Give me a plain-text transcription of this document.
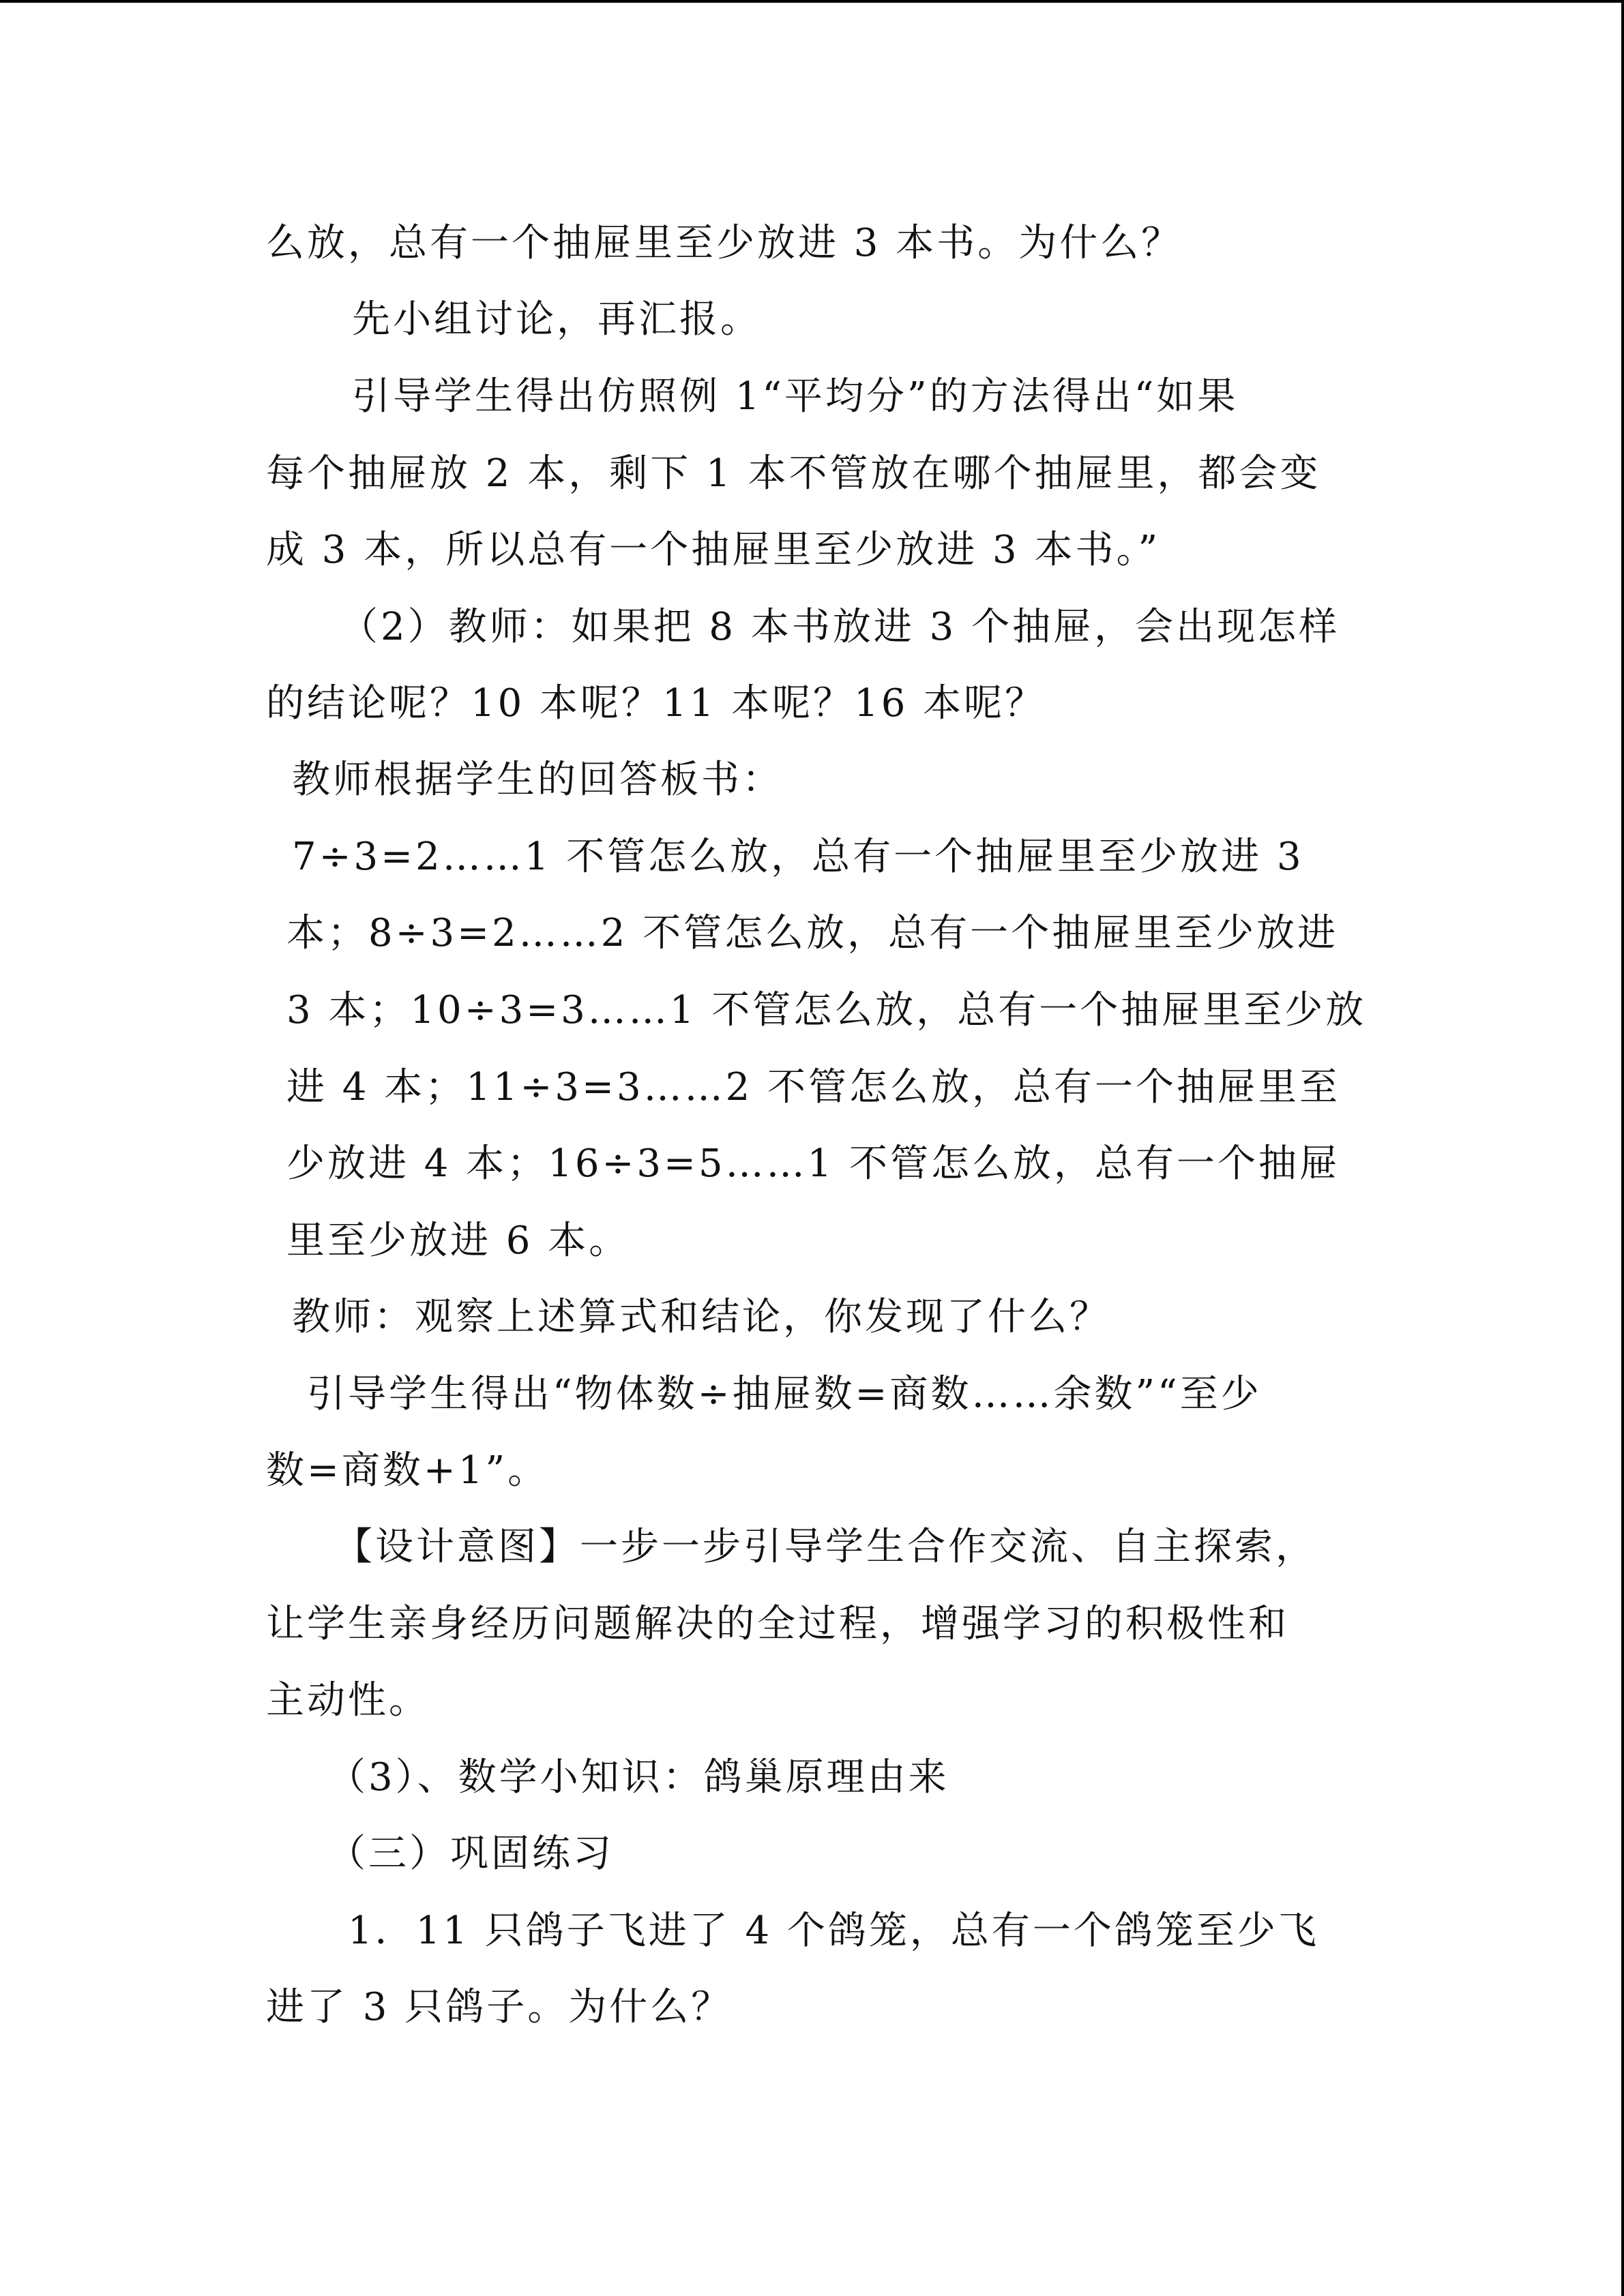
么放，总有一个抽屉里至少放进 3 本书。为什么？
先小组讨论，再汇报。
引导学生得出仿照例 1“平均分”的方法得出“如果
每个抽屉放 2 本，剩下 1 本不管放在哪个抽屉里，都会变
成 3 本，所以总有一个抽屉里至少放进 3 本书。”
（2）教师：如果把 8 本书放进 3 个抽屉，会出现怎样
的结论呢？10 本呢？11 本呢？16 本呢？
教师根据学生的回答板书：
7÷3=2……1 不管怎么放，总有一个抽屉里至少放进 3
本；8÷3=2……2 不管怎么放，总有一个抽屉里至少放进
3 本；10÷3=3……1 不管怎么放，总有一个抽屉里至少放
进 4 本；11÷3=3……2 不管怎么放，总有一个抽屉里至
少放进 4 本；16÷3=5……1 不管怎么放，总有一个抽屉
里至少放进 6 本。
教师：观察上述算式和结论，你发现了什么？
引导学生得出“物体数÷抽屉数=商数……余数”“至少
数=商数+1”。
【设计意图】一步一步引导学生合作交流、自主探索，
让学生亲身经历问题解决的全过程，增强学习的积极性和
主动性。
（3）、数学小知识：鸽巢原理由来
（三）巩固练习
1．11 只鸽子飞进了 4 个鸽笼，总有一个鸽笼至少飞
进了 3 只鸽子。为什么？
